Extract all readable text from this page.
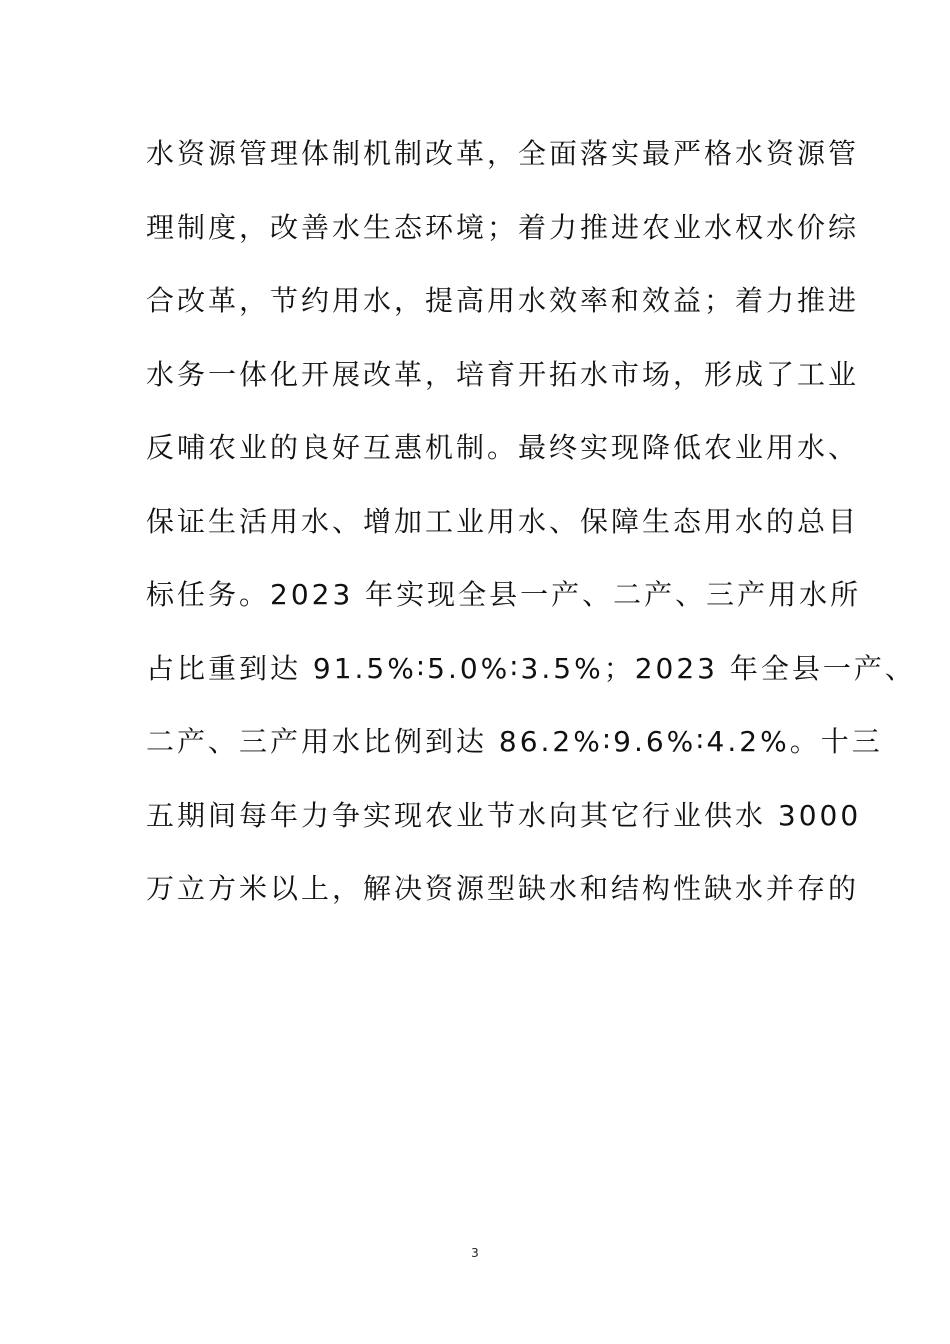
水资源管理体制机制改革，全面落实最严格水资源管
理制度，改善水生态环境；着力推进农业水权水价综
合改革，节约用水，提高用水效率和效益；着力推进
水务一体化开展改革，培育开拓水市场，形成了工业
反哺农业的良好互惠机制。最终实现降低农业用水、
保证生活用水、增加工业用水、保障生态用水的总目
标任务。2023 年实现全县一产、二产、三产用水所
占比重到达 91.5%∶5.0%∶3.5%；2023 年全县一产、
二产、三产用水比例到达 86.2%∶9.6%∶4.2%。十三
五期间每年力争实现农业节水向其它行业供水 3000
万立方米以上，解决资源型缺水和结构性缺水并存的
3
